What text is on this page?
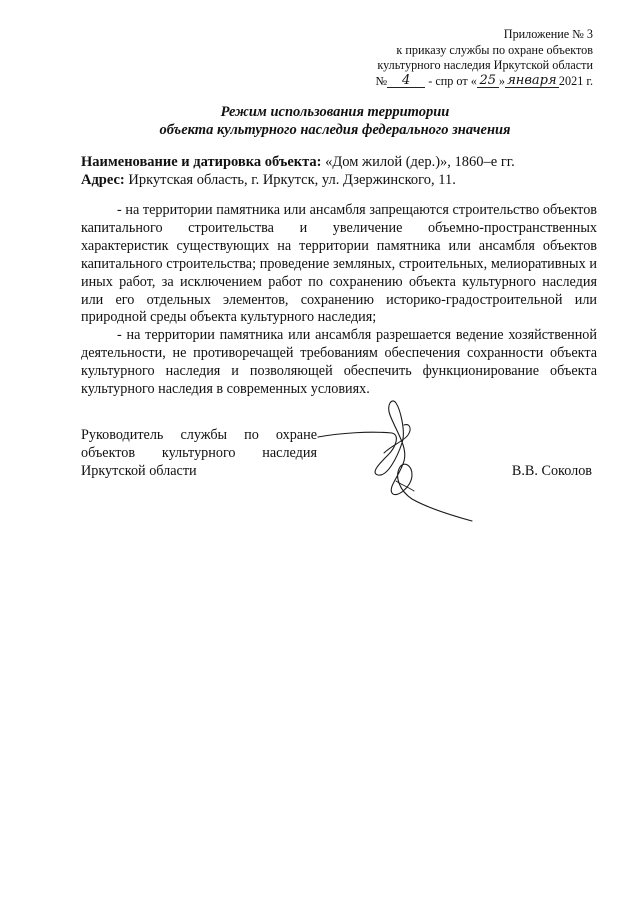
Приложение № 3
к приказу службы по охране объектов
культурного наследия Иркутской области
№ 4 - спр от « 25 » января 2021 г.
Режим использования территории
объекта культурного наследия федерального значения
Наименование и датировка объекта: «Дом жилой (дер.)», 1860–е гг.
Адрес: Иркутская область, г. Иркутск, ул. Дзержинского, 11.

- на территории памятника или ансамбля запрещаются строительство объектов капитального строительства и увеличение объемно-пространственных характеристик существующих на территории памятника или ансамбля объектов капитального строительства; проведение земляных, строительных, мелиоративных и иных работ, за исключением работ по сохранению объекта культурного наследия или его отдельных элементов, сохранению историко-градостроительной или природной среды объекта культурного наследия;

- на территории памятника или ансамбля разрешается ведение хозяйственной деятельности, не противоречащей требованиям обеспечения сохранности объекта культурного наследия и позволяющей обеспечить функционирование объекта культурного наследия в современных условиях.

Руководитель службы по охране
объектов культурного наследия
Иркутской области	В.В. Соколов
